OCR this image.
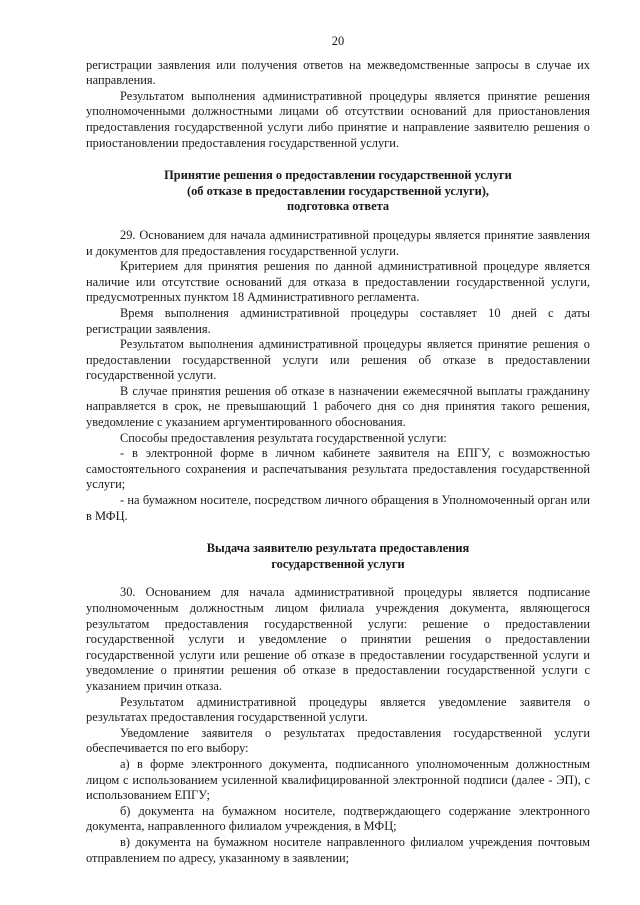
20

регистрации заявления или получения ответов на межведомственные запросы в случае их направления.

Результатом выполнения административной процедуры является принятие решения уполномоченными должностными лицами об отсутствии оснований для приостановления предоставления государственной услуги либо принятие и направление заявителю решения о приостановлении предоставления государственной услуги.

Принятие решения о предоставлении государственной услуги
(об отказе в предоставлении государственной услуги),
подготовка ответа

29. Основанием для начала административной процедуры является принятие заявления и документов для предоставления государственной услуги.

Критерием для принятия решения по данной административной процедуре является наличие или отсутствие оснований для отказа в предоставлении государственной услуги, предусмотренных пунктом 18 Административного регламента.

Время выполнения административной процедуры составляет 10 дней с даты регистрации заявления.

Результатом выполнения административной процедуры является принятие решения о предоставлении государственной услуги или решения об отказе в предоставлении государственной услуги.

В случае принятия решения об отказе в назначении ежемесячной выплаты гражданину направляется в срок, не превышающий 1 рабочего дня со дня принятия такого решения, уведомление с указанием аргументированного обоснования.

Способы предоставления результата государственной услуги:

- в электронной форме в личном кабинете заявителя на ЕПГУ, с возможностью самостоятельного сохранения и распечатывания результата предоставления государственной услуги;

- на бумажном носителе, посредством личного обращения в Уполномоченный орган или в МФЦ.

Выдача заявителю результата предоставления
государственной услуги

30. Основанием для начала административной процедуры является подписание уполномоченным должностным лицом филиала учреждения документа, являющегося результатом предоставления государственной услуги: решение о предоставлении государственной услуги и уведомление о принятии решения о предоставлении государственной услуги или решение об отказе в предоставлении государственной услуги и уведомление о принятии решения об отказе в предоставлении государственной услуги с указанием причин отказа.

Результатом административной процедуры является уведомление заявителя о результатах предоставления государственной услуги.

Уведомление заявителя о результатах предоставления государственной услуги обеспечивается по его выбору:

а) в форме электронного документа, подписанного уполномоченным должностным лицом с использованием усиленной квалифицированной электронной подписи (далее - ЭП), с использованием ЕПГУ;

б) документа на бумажном носителе, подтверждающего содержание электронного документа, направленного филиалом учреждения, в МФЦ;

в) документа на бумажном носителе направленного филиалом учреждения почтовым отправлением по адресу, указанному в заявлении;
